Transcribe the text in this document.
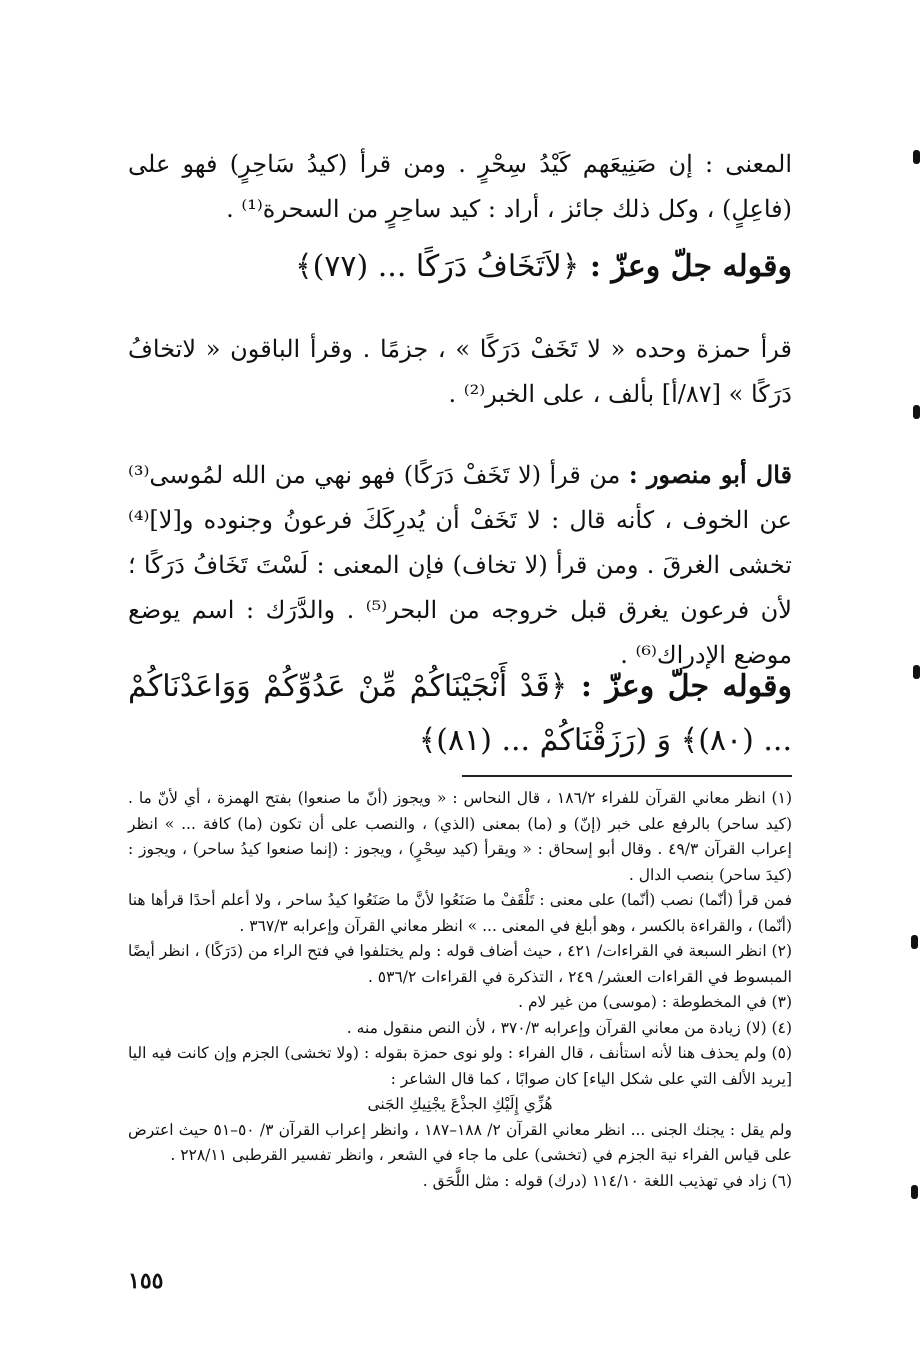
المعنى : إن صَنِيعَهم كَيْدُ سِحْرٍ . ومن قرأ (كيدُ سَاحِرٍ) فهو على (فاعِلٍ) ، وكل ذلك جائز ، أراد : كيد ساحِرٍ من السحرة⁽¹⁾ .
وقوله جلّ وعزّ : ﴿لاَتَخَافُ دَرَكًا ... (٧٧)﴾
قرأ حمزة وحده « لا تَخَفْ دَرَكًا » ، جزمًا . وقرأ الباقون « لاتخافُ دَرَكًا » [٨٧/أ] بألف ، على الخبر⁽²⁾ .
قال أبو منصور : من قرأ (لا تَخَفْ دَرَكًا) فهو نهي من الله لمُوسى⁽³⁾ عن الخوف ، كأنه قال : لا تَخَفْ أن يُدرِكَكَ فرعونُ وجنوده و[لا]⁽⁴⁾ تخشى الغرقَ . ومن قرأ (لا تخاف) فإن المعنى : لَسْتَ تَخَافُ دَرَكًا ؛ لأن فرعون يغرق قبل خروجه من البحر⁽⁵⁾ . والدَّرَك : اسم يوضع موضع الإدراك⁽⁶⁾ .
وقوله جلّ وعزّ : ﴿قَدْ أَنْجَيْنَاكُمْ مِّنْ عَدُوِّكُمْ وَوَاعَدْنَاكُمْ ... (٨٠)﴾ وَ (رَزَقْنَاكُمْ ... (٨١)﴾

(١) انظر معاني القرآن للفراء ١٨٦/٢ ، قال النحاس : « ويجوز (أنّ ما صنعوا) بفتح الهمزة ، أي لأنّ ما . (كيد ساحر) بالرفع على خبر (إنّ) و (ما) بمعنى (الذي) ، والنصب على أن تكون (ما) كافة ... » انظر إعراب القرآن ٤٩/٣ . وقال أبو إسحاق : « ويقرأ (كيد سِحْرٍ) ، ويجوز : (إنما صنعوا كيدُ ساحر) ، ويجوز : (كيدَ ساحر) بنصب الدال .

فمن قرأ (أنّما) نصب (أنّما) على معنى : تَلْقَفْ ما صَنَعُوا لأنَّ ما صَنَعُوا كيدُ ساحر ، ولا أعلم أحدًا قرأها هنا (أنّما) ، والقراءة بالكسر ، وهو أبلغ في المعنى ... » انظر معاني القرآن وإعرابه ٣٦٧/٣ .

(٢) انظر السبعة في القراءات/ ٤٢١ ، حيث أضاف قوله : ولم يختلفوا في فتح الراء من (دَرَكًا) ، انظر أيضًا المبسوط في القراءات العشر/ ٢٤٩ ، التذكرة في القراءات ٥٣٦/٢ .

(٣) في المخطوطة : (موسى) من غير لام .

(٤) (لا) زيادة من معاني القرآن وإعرابه ٣٧٠/٣ ، لأن النص منقول منه .

(٥) ولم يحذف هنا لأنه استأنف ، قال الفراء : ولو نوى حمزة بقوله : (ولا تخشى) الجزم وإن كانت فيه اليا [يريد الألف التي على شكل الياء] كان صوابًا ، كما قال الشاعر :

هُزِّي إِلَيْكِ الجذْعَ يجْنِيكِ الجَنى

ولم يقل : يجنك الجنى ... انظر معاني القرآن ٢/ ١٨٨–١٨٧ ، وانظر إعراب القرآن ٣/ ٥٠–٥١ حيث اعترض على قياس الفراء نية الجزم في (تخشى) على ما جاء في الشعر ، وانظر تفسير القرطبى ٢٢٨/١١ .

(٦) زاد في تهذيب اللغة ١١٤/١٠ (درك) قوله : مثل اللَّحَق .

١٥٥
